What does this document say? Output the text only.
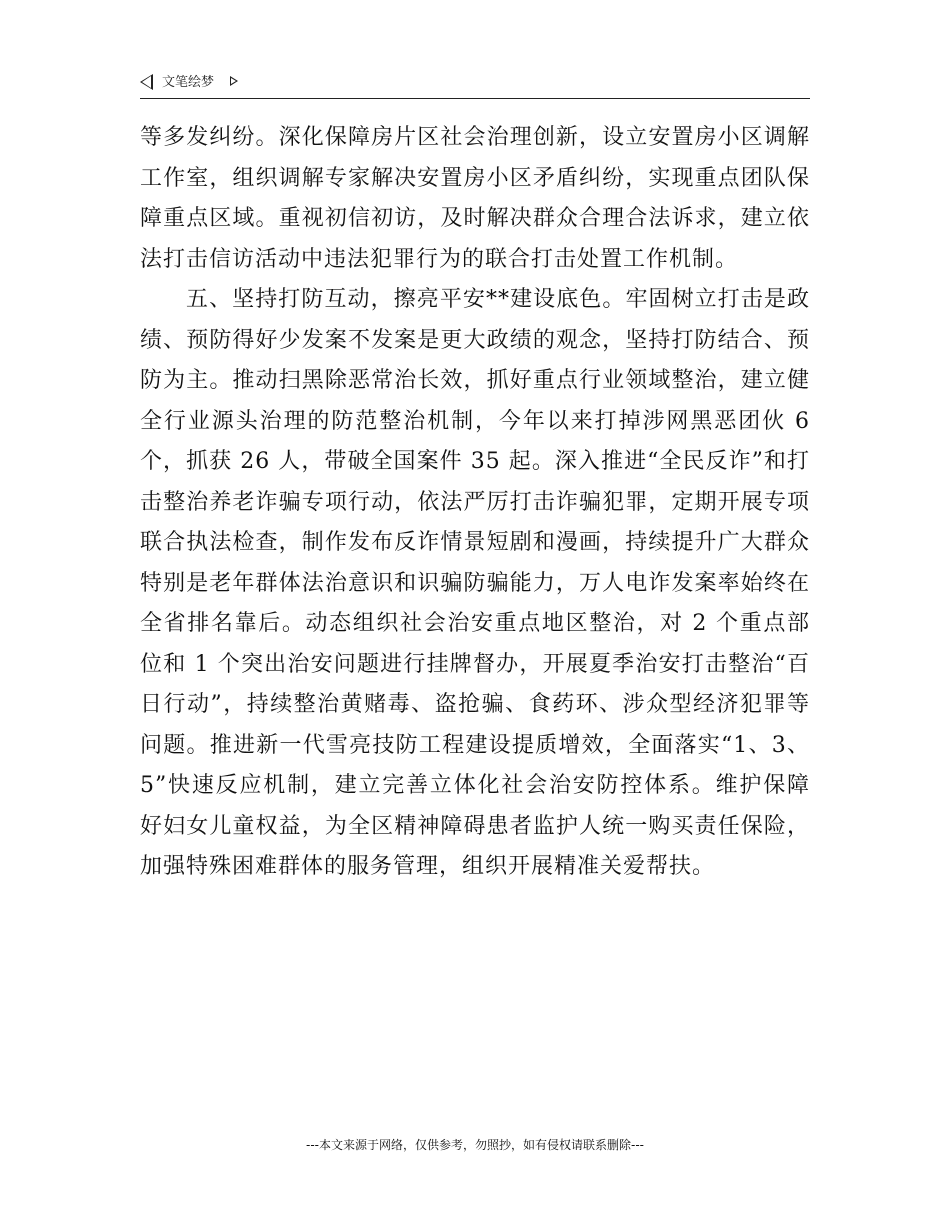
文笔绘梦

等多发纠纷。深化保障房片区社会治理创新，设立安置房小区调解工作室，组织调解专家解决安置房小区矛盾纠纷，实现重点团队保障重点区域。重视初信初访，及时解决群众合理合法诉求，建立依法打击信访活动中违法犯罪行为的联合打击处置工作机制。

五、坚持打防互动，擦亮平安**建设底色。牢固树立打击是政绩、预防得好少发案不发案是更大政绩的观念，坚持打防结合、预防为主。推动扫黑除恶常治长效，抓好重点行业领域整治，建立健全行业源头治理的防范整治机制，今年以来打掉涉网黑恶团伙 6 个，抓获 26 人，带破全国案件 35 起。深入推进“全民反诈”和打击整治养老诈骗专项行动，依法严厉打击诈骗犯罪，定期开展专项联合执法检查，制作发布反诈情景短剧和漫画，持续提升广大群众特别是老年群体法治意识和识骗防骗能力，万人电诈发案率始终在全省排名靠后。动态组织社会治安重点地区整治，对 2 个重点部位和 1 个突出治安问题进行挂牌督办，开展夏季治安打击整治“百日行动”，持续整治黄赌毒、盗抢骗、食药环、涉众型经济犯罪等问题。推进新一代雪亮技防工程建设提质增效，全面落实“1、3、5”快速反应机制，建立完善立体化社会治安防控体系。维护保障好妇女儿童权益，为全区精神障碍患者监护人统一购买责任保险，加强特殊困难群体的服务管理，组织开展精准关爱帮扶。

---本文来源于网络，仅供参考，勿照抄，如有侵权请联系删除---
